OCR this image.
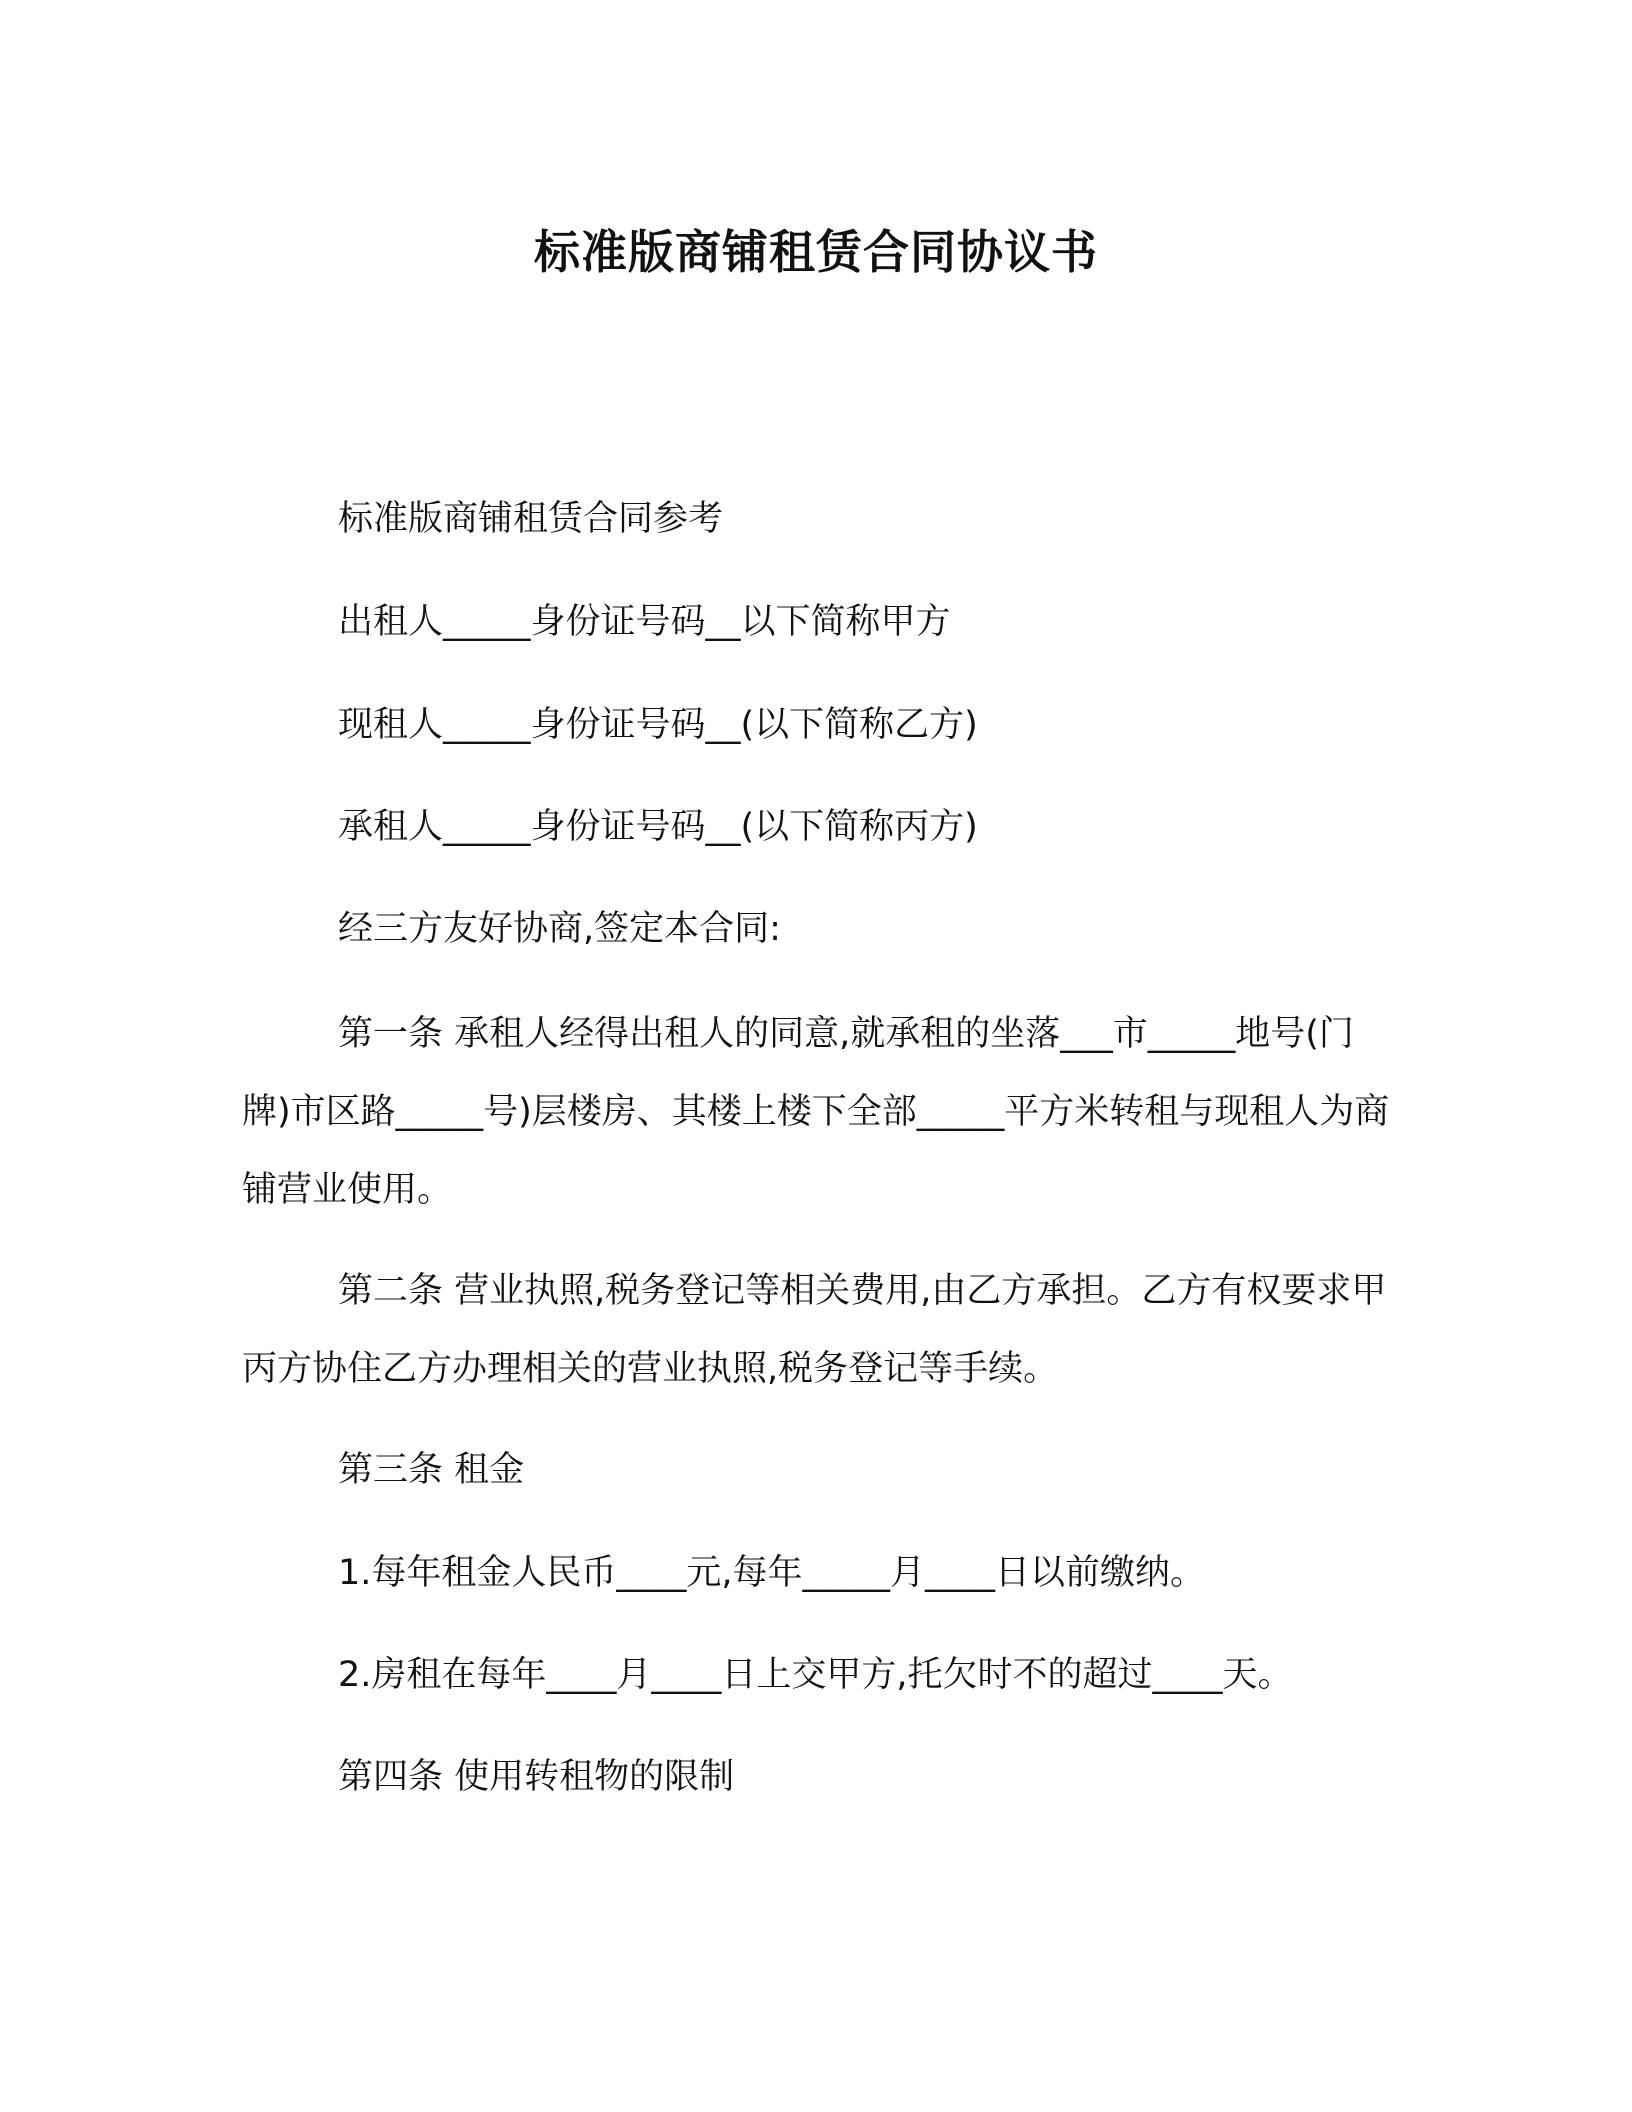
标准版商铺租赁合同协议书

标准版商铺租赁合同参考

出租人_____身份证号码__以下简称甲方

现租人_____身份证号码__(以下简称乙方)

承租人_____身份证号码__(以下简称丙方)

经三方友好协商,签定本合同:

第一条 承租人经得出租人的同意,就承租的坐落___市_____地号(门牌)市区路_____号)层楼房、其楼上楼下全部_____平方米转租与现租人为商铺营业使用。

第二条 营业执照,税务登记等相关费用,由乙方承担。乙方有权要求甲丙方协住乙方办理相关的营业执照,税务登记等手续。

第三条 租金

1.每年租金人民币____元,每年_____月____日以前缴纳。

2.房租在每年____月____日上交甲方,托欠时不的超过____天。

第四条 使用转租物的限制
